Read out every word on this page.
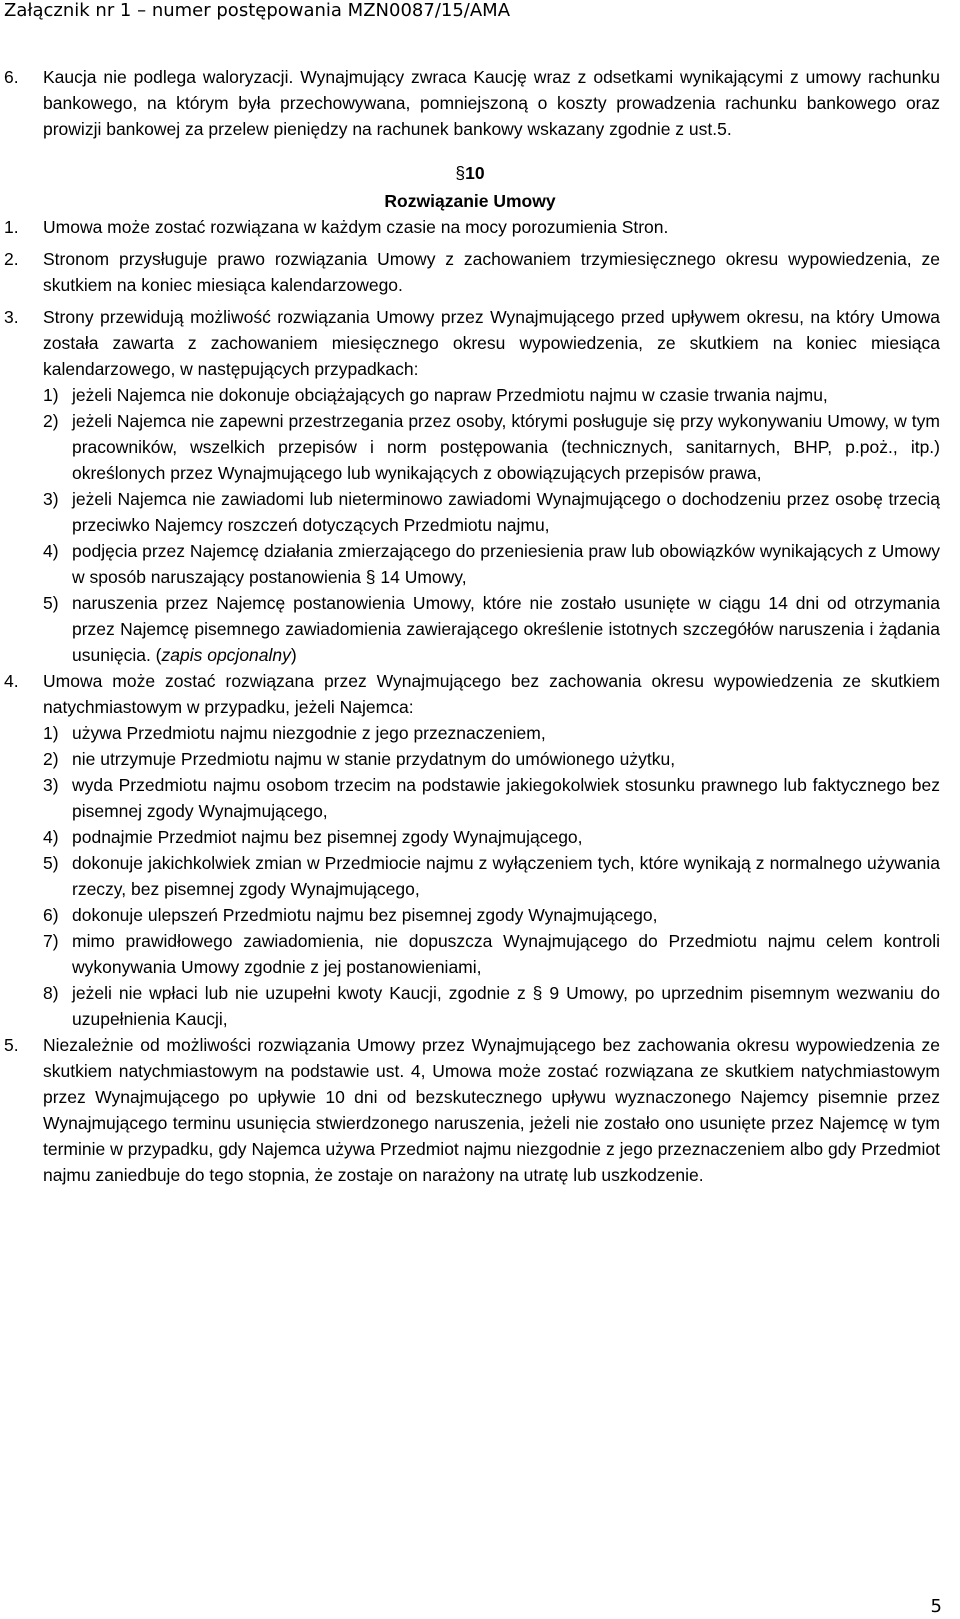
Załącznik nr 1 – numer postępowania MZN0087/15/AMA
6. Kaucja nie podlega waloryzacji. Wynajmujący zwraca Kaucję wraz z odsetkami wynikającymi z umowy rachunku bankowego, na którym była przechowywana, pomniejszoną o koszty prowadzenia rachunku bankowego oraz prowizji bankowej za przelew pieniędzy na rachunek bankowy wskazany zgodnie z ust.5.
§10
Rozwiązanie Umowy
1. Umowa może zostać rozwiązana w każdym czasie na mocy porozumienia Stron.
2. Stronom przysługuje prawo rozwiązania Umowy z zachowaniem trzymiesięcznego okresu wypowiedzenia, ze skutkiem na koniec miesiąca kalendarzowego.
3. Strony przewidują możliwość rozwiązania Umowy przez Wynajmującego przed upływem okresu, na który Umowa została zawarta z zachowaniem miesięcznego okresu wypowiedzenia, ze skutkiem na koniec miesiąca kalendarzowego, w następujących przypadkach:
1) jeżeli Najemca nie dokonuje obciążających go napraw Przedmiotu najmu w czasie trwania najmu,
2) jeżeli Najemca nie zapewni przestrzegania przez osoby, którymi posługuje się przy wykonywaniu Umowy, w tym pracowników, wszelkich przepisów i norm postępowania (technicznych, sanitarnych, BHP, p.poż., itp.) określonych przez Wynajmującego lub wynikających z obowiązujących przepisów prawa,
3) jeżeli Najemca nie zawiadomi lub nieterminowo zawiadomi Wynajmującego o dochodzeniu przez osobę trzecią przeciwko Najemcy roszczeń dotyczących Przedmiotu najmu,
4) podjęcia przez Najemcę działania zmierzającego do przeniesienia praw lub obowiązków wynikających z Umowy w sposób naruszający postanowienia § 14 Umowy,
5) naruszenia przez Najemcę postanowienia Umowy, które nie zostało usunięte w ciągu 14 dni od otrzymania przez Najemcę pisemnego zawiadomienia zawierającego określenie istotnych szczegółów naruszenia i żądania usunięcia. (zapis opcjonalny)
4. Umowa może zostać rozwiązana przez Wynajmującego bez zachowania okresu wypowiedzenia ze skutkiem natychmiastowym w przypadku, jeżeli Najemca:
1) używa Przedmiotu najmu niezgodnie z jego przeznaczeniem,
2) nie utrzymuje Przedmiotu najmu w stanie przydatnym do umówionego użytku,
3) wyda Przedmiotu najmu osobom trzecim na podstawie jakiegokolwiek stosunku prawnego lub faktycznego bez pisemnej zgody Wynajmującego,
4) podnajmie Przedmiot najmu bez pisemnej zgody Wynajmującego,
5) dokonuje jakichkolwiek zmian w Przedmiocie najmu z wyłączeniem tych, które wynikają z normalnego używania rzeczy, bez pisemnej zgody Wynajmującego,
6) dokonuje ulepszeń Przedmiotu najmu bez pisemnej zgody Wynajmującego,
7) mimo prawidłowego zawiadomienia, nie dopuszcza Wynajmującego do Przedmiotu najmu celem kontroli wykonywania Umowy zgodnie z jej postanowieniami,
8) jeżeli nie wpłaci lub nie uzupełni kwoty Kaucji, zgodnie z § 9 Umowy, po uprzednim pisemnym wezwaniu do uzupełnienia Kaucji,
5. Niezależnie od możliwości rozwiązania Umowy przez Wynajmującego bez zachowania okresu wypowiedzenia ze skutkiem natychmiastowym na podstawie ust. 4, Umowa może zostać rozwiązana ze skutkiem natychmiastowym przez Wynajmującego po upływie 10 dni od bezskutecznego upływu wyznaczonego Najemcy pisemnie przez Wynajmującego terminu usunięcia stwierdzonego naruszenia, jeżeli nie zostało ono usunięte przez Najemcę w tym terminie w przypadku, gdy Najemca używa Przedmiot najmu niezgodnie z jego przeznaczeniem albo gdy Przedmiot najmu zaniedbuje do tego stopnia, że zostaje on narażony na utratę lub uszkodzenie.
5
